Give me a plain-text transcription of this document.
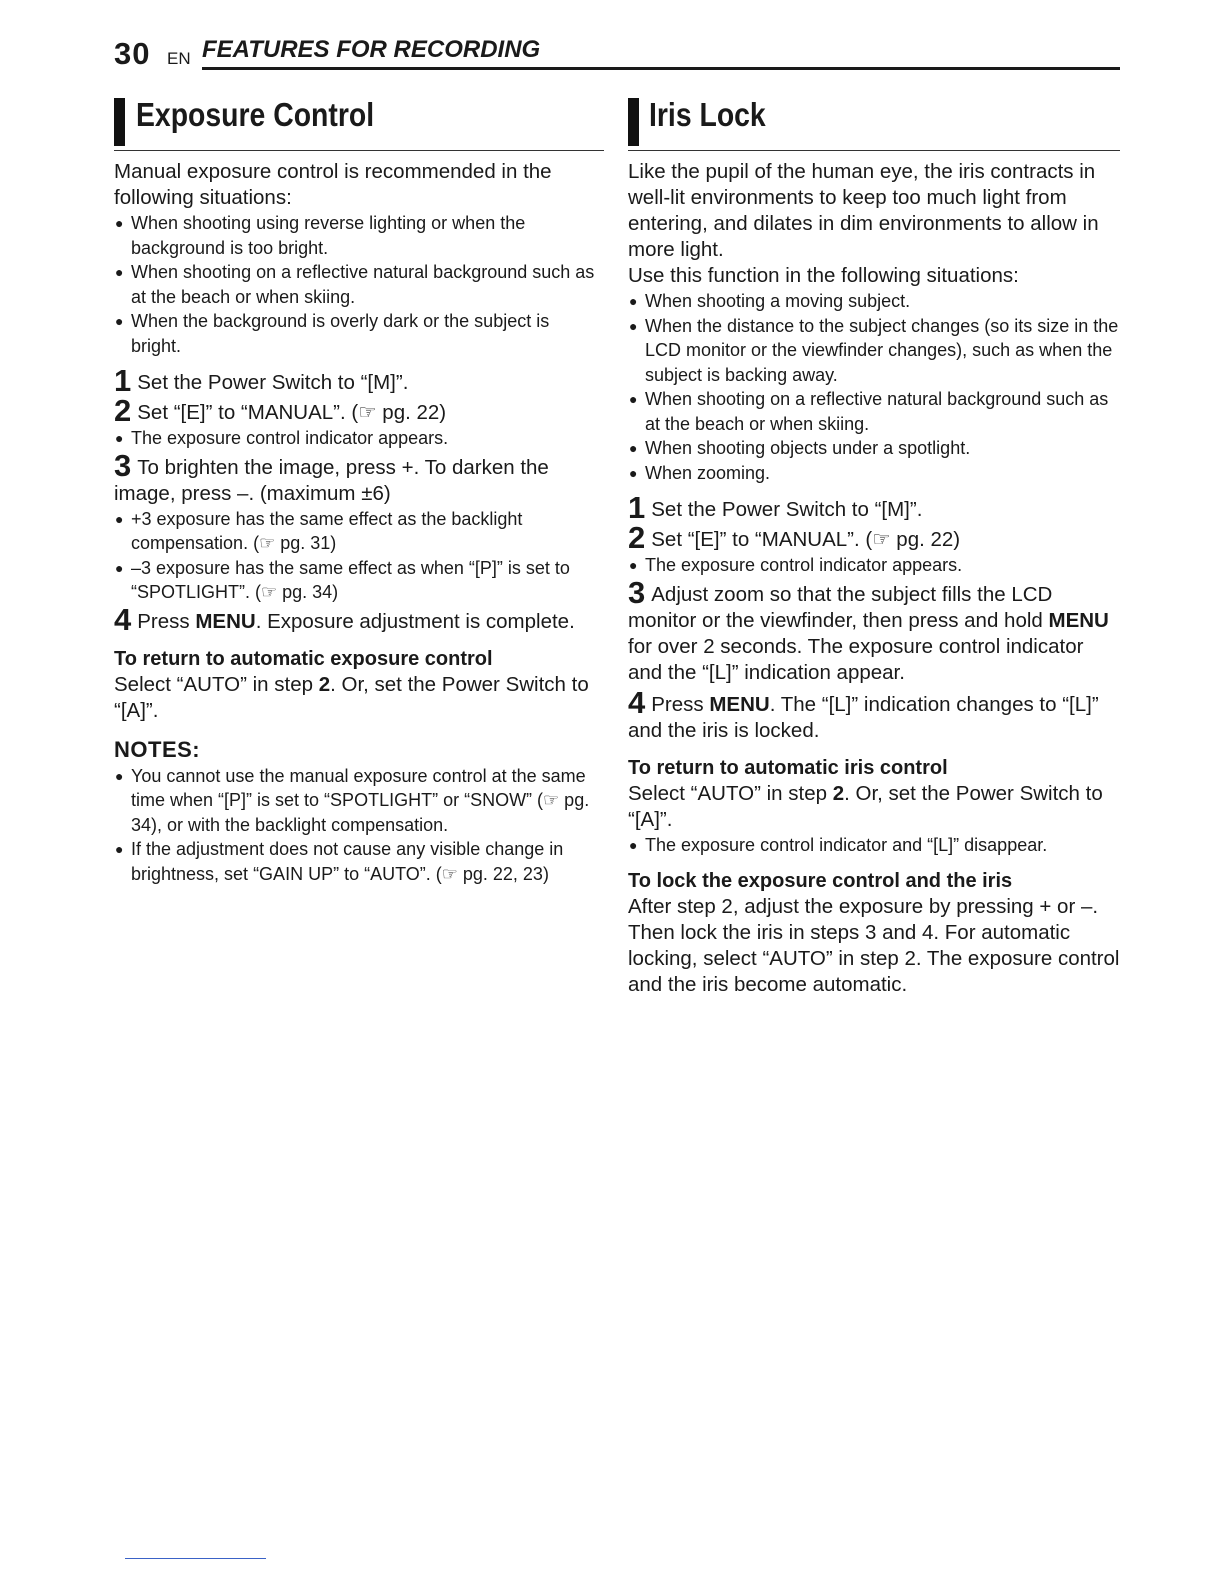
30 EN FEATURES FOR RECORDING
Exposure Control

Manual exposure control is recommended in the following situations:

● When shooting using reverse lighting or when the background is too bright.
● When shooting on a reflective natural background such as at the beach or when skiing.
● When the background is overly dark or the subject is bright.

1 Set the Power Switch to “[M]”.

2 Set “[E]” to “MANUAL”. (☞ pg. 22)

● The exposure control indicator appears.

3 To brighten the image, press +. To darken the image, press –. (maximum ±6)

● +3 exposure has the same effect as the backlight compensation. (☞ pg. 31)
● –3 exposure has the same effect as when “[P]” is set to “SPOTLIGHT”. (☞ pg. 34)

4 Press MENU. Exposure adjustment is complete.

To return to automatic exposure control

Select “AUTO” in step 2. Or, set the Power Switch to “[A]”.

NOTES:

● You cannot use the manual exposure control at the same time when “[P]” is set to “SPOTLIGHT” or “SNOW” (☞ pg. 34), or with the backlight compensation.
● If the adjustment does not cause any visible change in brightness, set “GAIN UP” to “AUTO”. (☞ pg. 22, 23)
Iris Lock

Like the pupil of the human eye, the iris contracts in well-lit environments to keep too much light from entering, and dilates in dim environments to allow in more light.

Use this function in the following situations:

● When shooting a moving subject.
● When the distance to the subject changes (so its size in the LCD monitor or the viewfinder changes), such as when the subject is backing away.
● When shooting on a reflective natural background such as at the beach or when skiing.
● When shooting objects under a spotlight.
● When zooming.

1 Set the Power Switch to “[M]”.

2 Set “[E]” to “MANUAL”. (☞ pg. 22)

● The exposure control indicator appears.

3 Adjust zoom so that the subject fills the LCD monitor or the viewfinder, then press and hold MENU for over 2 seconds. The exposure control indicator and the “[L]” indication appear.

4 Press MENU. The “[L]” indication changes to “[L]” and the iris is locked.

To return to automatic iris control

Select “AUTO” in step 2. Or, set the Power Switch to “[A]”.

● The exposure control indicator and “[L]” disappear.

To lock the exposure control and the iris

After step 2, adjust the exposure by pressing + or –. Then lock the iris in steps 3 and 4. For automatic locking, select “AUTO” in step 2. The exposure control and the iris become automatic.
